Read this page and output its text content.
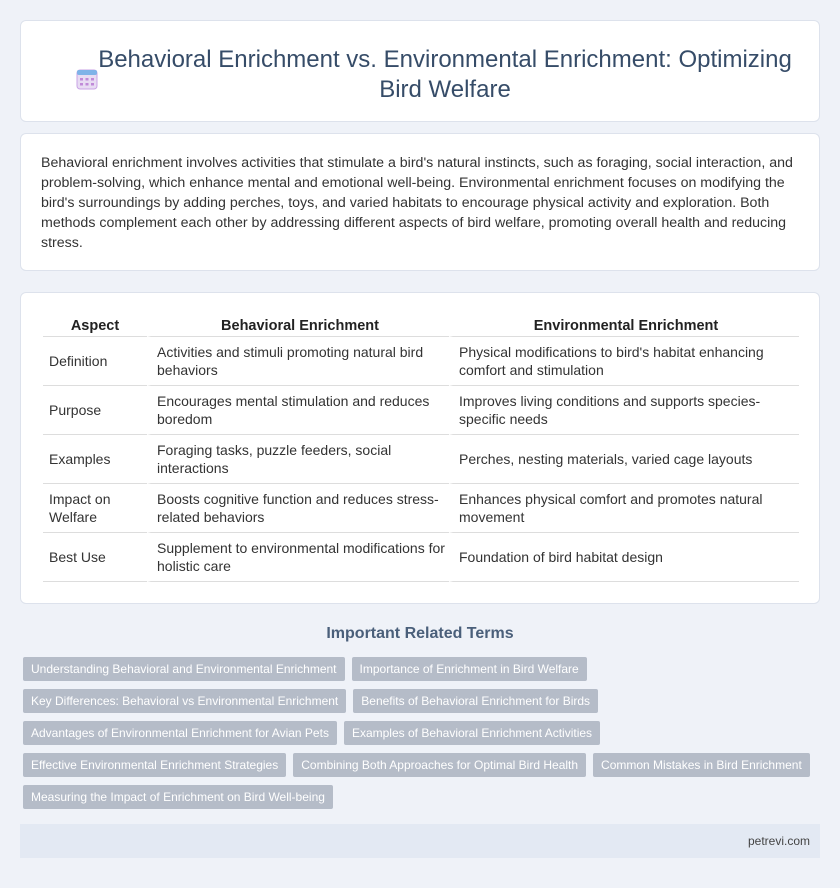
Behavioral Enrichment vs. Environmental Enrichment: Optimizing Bird Welfare

Behavioral enrichment involves activities that stimulate a bird's natural instincts, such as foraging, social interaction, and problem-solving, which enhance mental and emotional well-being. Environmental enrichment focuses on modifying the bird's surroundings by adding perches, toys, and varied habitats to encourage physical activity and exploration. Both methods complement each other by addressing different aspects of bird welfare, promoting overall health and reducing stress.

Aspect	Behavioral Enrichment	Environmental Enrichment
Definition	Activities and stimuli promoting natural bird behaviors	Physical modifications to bird's habitat enhancing comfort and stimulation
Purpose	Encourages mental stimulation and reduces boredom	Improves living conditions and supports species-specific needs
Examples	Foraging tasks, puzzle feeders, social interactions	Perches, nesting materials, varied cage layouts
Impact on Welfare	Boosts cognitive function and reduces stress-related behaviors	Enhances physical comfort and promotes natural movement
Best Use	Supplement to environmental modifications for holistic care	Foundation of bird habitat design
Important Related Terms
Understanding Behavioral and Environmental Enrichment	Importance of Enrichment in Bird Welfare
Key Differences: Behavioral vs Environmental Enrichment	Benefits of Behavioral Enrichment for Birds
Advantages of Environmental Enrichment for Avian Pets	Examples of Behavioral Enrichment Activities
Effective Environmental Enrichment Strategies	Combining Both Approaches for Optimal Bird Health	Common Mistakes in Bird Enrichment
Measuring the Impact of Enrichment on Bird Well-being
petrevi.com
